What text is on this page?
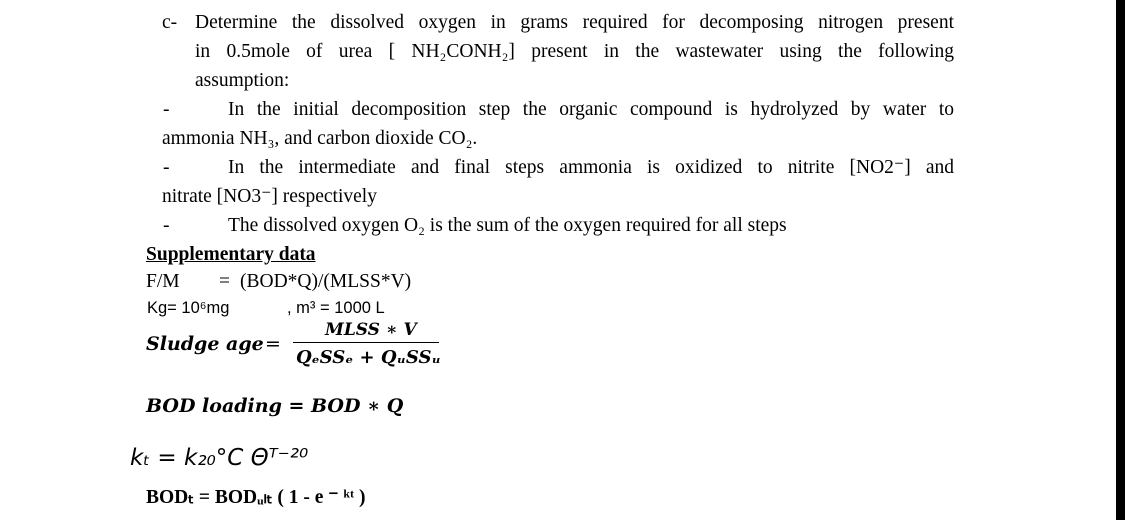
c- Determine the dissolved oxygen in grams required for decomposing nitrogen present
in 0.5mole of urea [ NH₂CONH₂] present in the wastewater using the following
assumption:
-	In the initial decomposition step the organic compound is hydrolyzed by water to
ammonia NH₃, and carbon dioxide CO₂.
-	In the intermediate and final steps ammonia is oxidized to nitrite [NO2⁻] and
nitrate [NO3⁻] respectively
-	The dissolved oxygen O₂ is the sum of the oxygen required for all steps
Supplementary data
F/M = (BOD*Q)/(MLSS*V)
Kg= 10⁶mg	, m³ = 1000 L
MLSS ∗ V
Sludge age =
QₑSSₑ + QᵤSSᵤ
BOD loading = BOD ∗ Q
kₜ = k₂₀°C Θᵀ⁻²⁰
BODₜ = BODᵤₗₜ ( 1 - e ⁻ ᵏᵗ )
